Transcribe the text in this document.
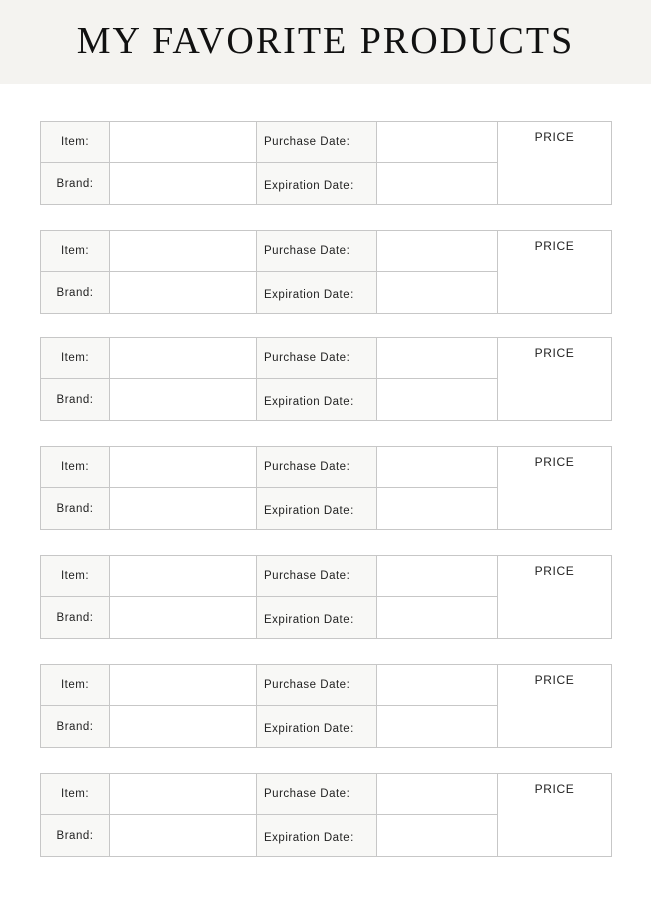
MY FAVORITE PRODUCTS
Item:
Brand:
Purchase Date:
Expiration Date:
PRICE
Item:
Brand:
Purchase Date:
Expiration Date:
PRICE
Item:
Brand:
Purchase Date:
Expiration Date:
PRICE
Item:
Brand:
Purchase Date:
Expiration Date:
PRICE
Item:
Brand:
Purchase Date:
Expiration Date:
PRICE
Item:
Brand:
Purchase Date:
Expiration Date:
PRICE
Item:
Brand:
Purchase Date:
Expiration Date:
PRICE
